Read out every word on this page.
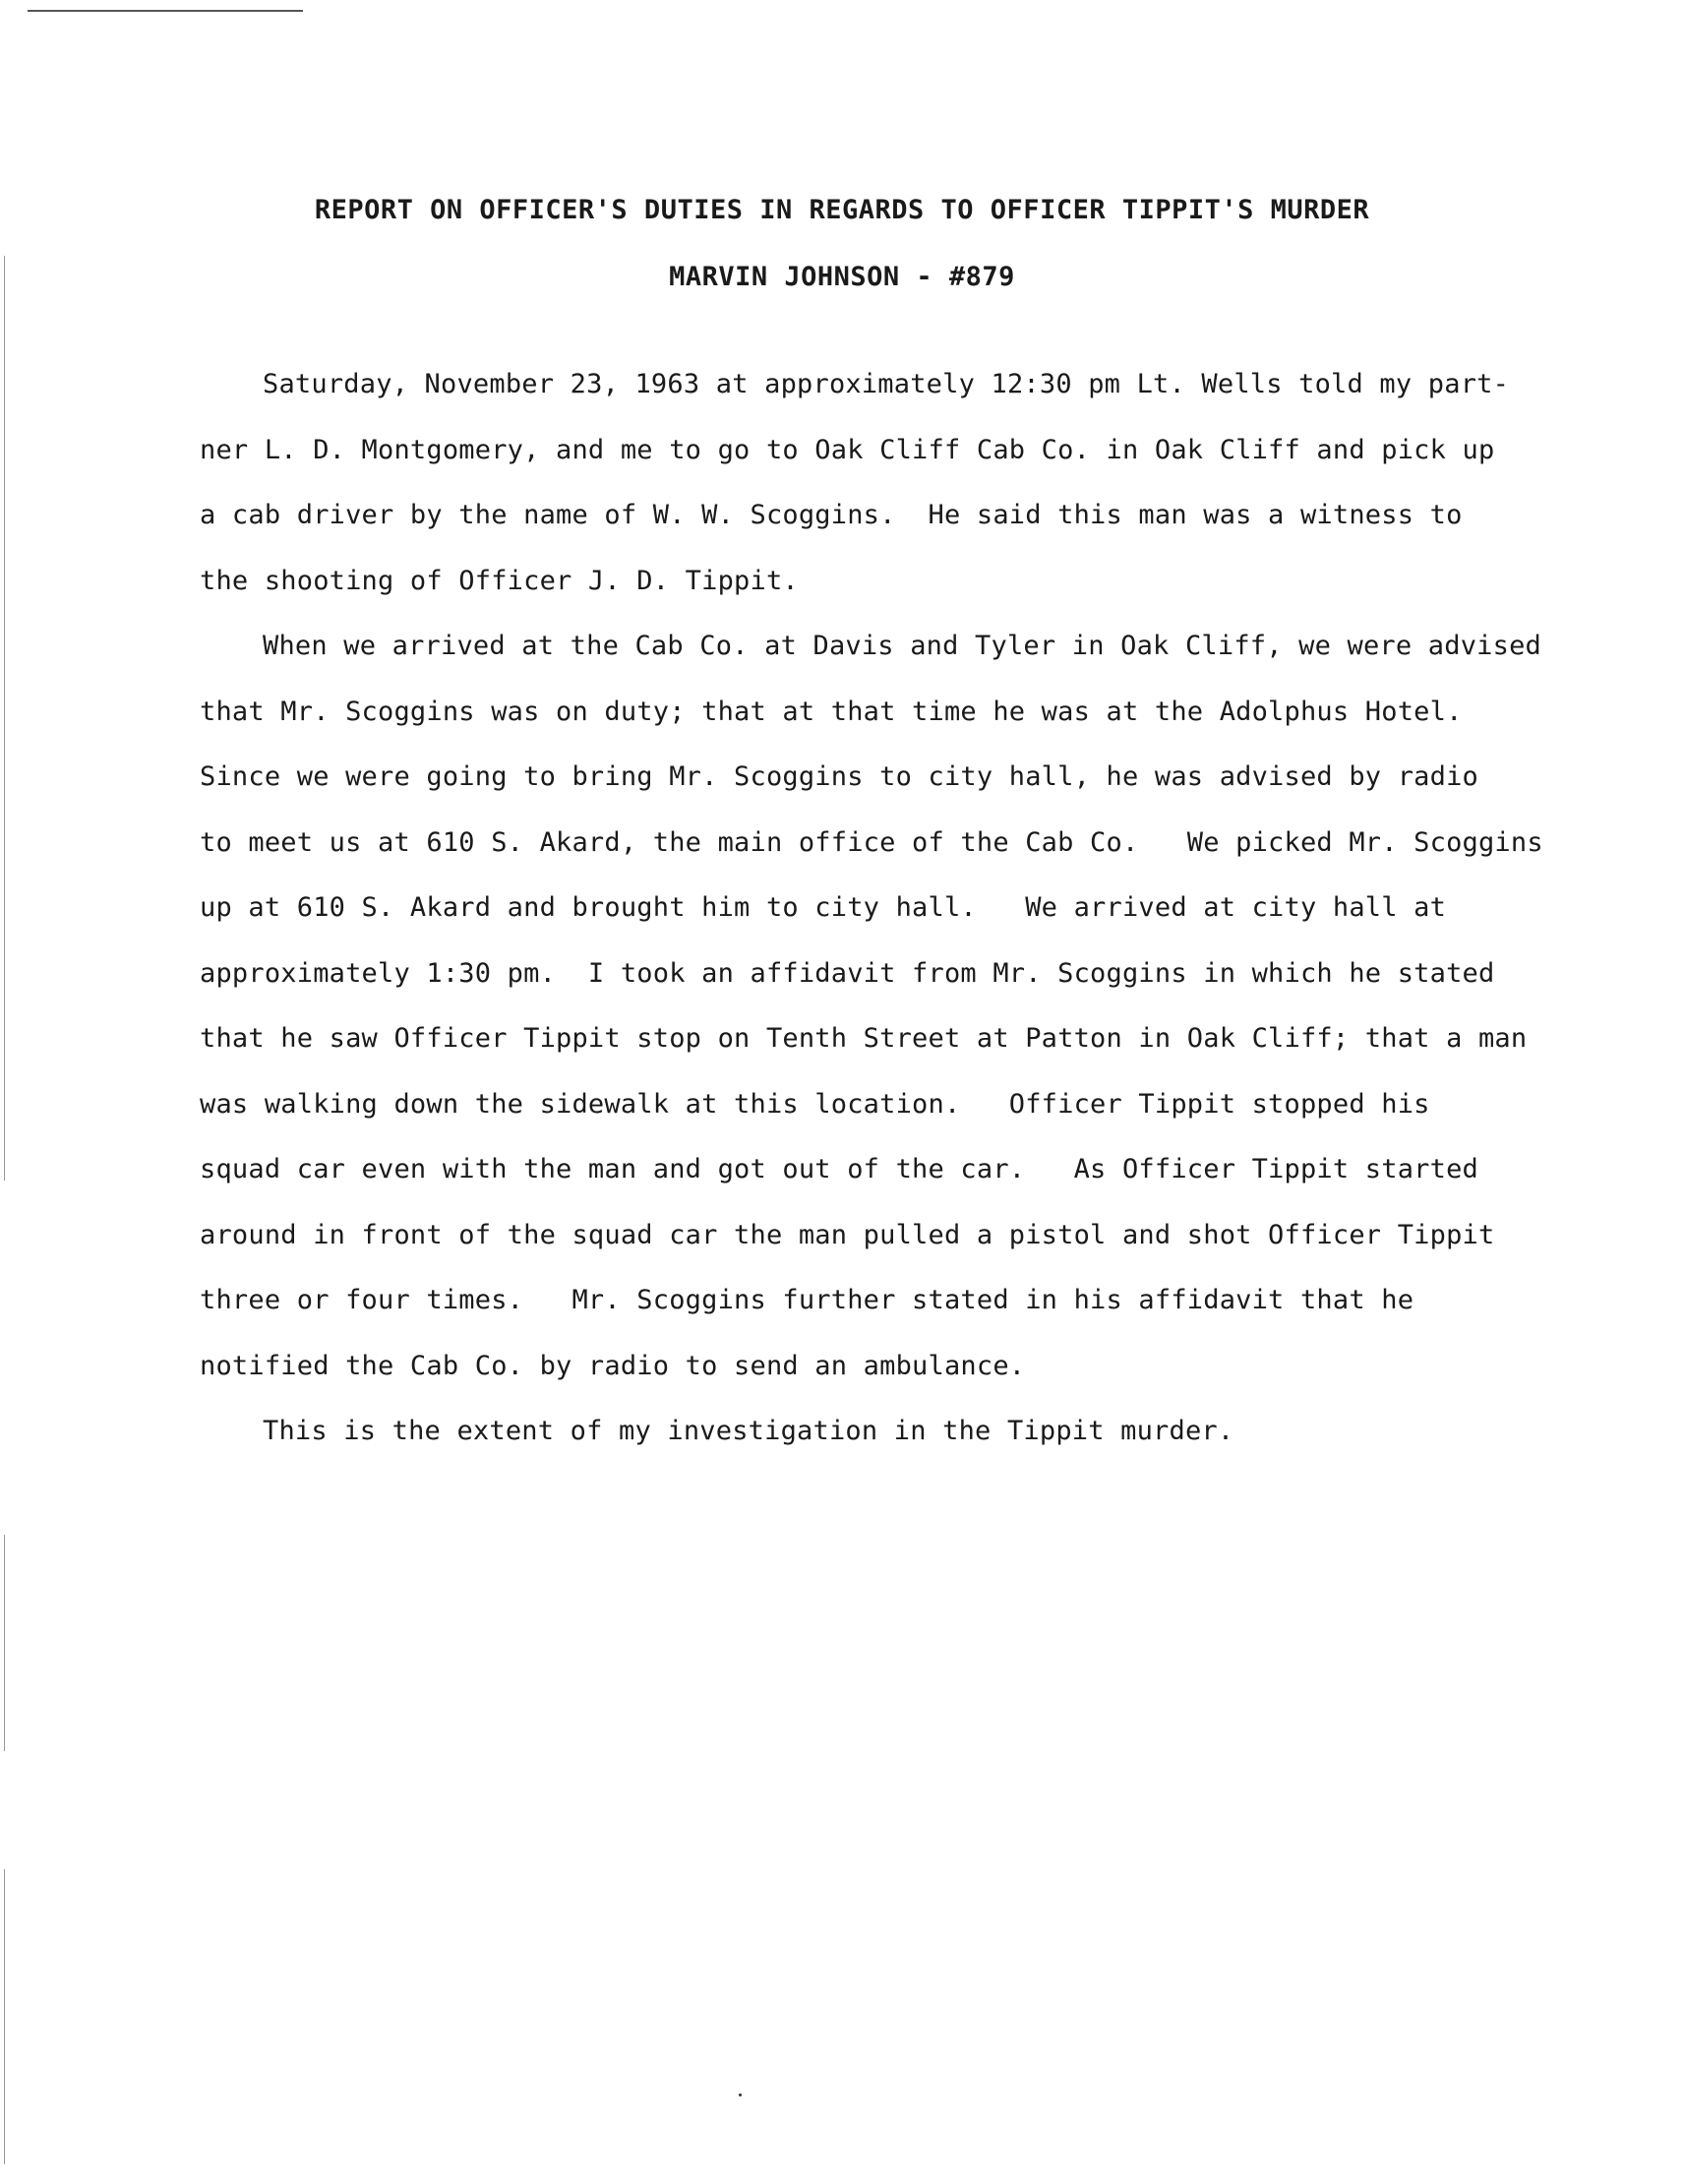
REPORT ON OFFICER'S DUTIES IN REGARDS TO OFFICER TIPPIT'S MURDER
MARVIN JOHNSON - #879
Saturday, November 23, 1963 at approximately 12:30 pm Lt. Wells told my part-
ner L. D. Montgomery, and me to go to Oak Cliff Cab Co. in Oak Cliff and pick up
a cab driver by the name of W. W. Scoggins.  He said this man was a witness to
the shooting of Officer J. D. Tippit.
When we arrived at the Cab Co. at Davis and Tyler in Oak Cliff, we were advised
that Mr. Scoggins was on duty; that at that time he was at the Adolphus Hotel.
Since we were going to bring Mr. Scoggins to city hall, he was advised by radio
to meet us at 610 S. Akard, the main office of the Cab Co.   We picked Mr. Scoggins
up at 610 S. Akard and brought him to city hall.   We arrived at city hall at
approximately 1:30 pm.  I took an affidavit from Mr. Scoggins in which he stated
that he saw Officer Tippit stop on Tenth Street at Patton in Oak Cliff; that a man
was walking down the sidewalk at this location.   Officer Tippit stopped his
squad car even with the man and got out of the car.   As Officer Tippit started
around in front of the squad car the man pulled a pistol and shot Officer Tippit
three or four times.   Mr. Scoggins further stated in his affidavit that he
notified the Cab Co. by radio to send an ambulance.
This is the extent of my investigation in the Tippit murder.
